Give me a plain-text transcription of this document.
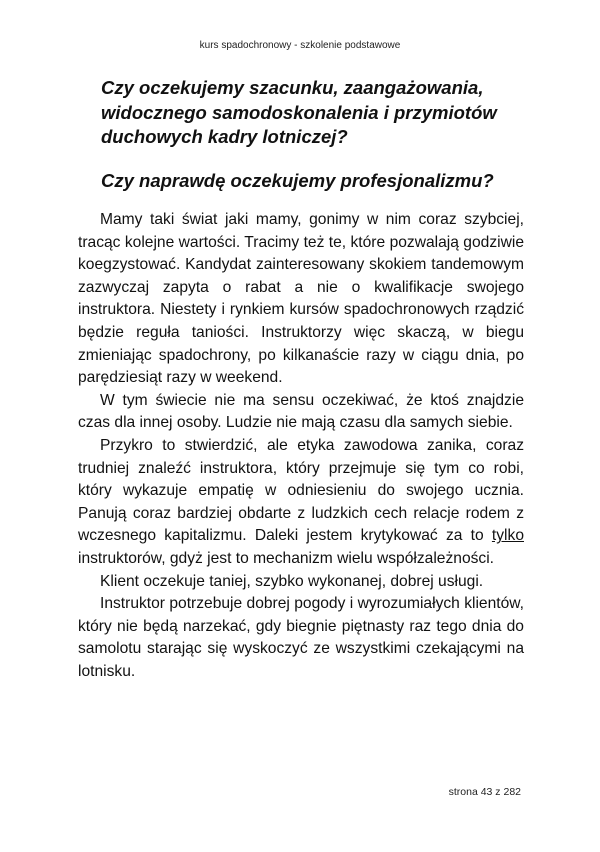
kurs spadochronowy - szkolenie podstawowe

Czy oczekujemy szacunku, zaangażowania, widocznego samodoskonalenia i przymiotów duchowych kadry lotniczej?

Czy naprawdę oczekujemy profesjonalizmu?

Mamy taki świat jaki mamy, gonimy w nim coraz szybciej, tracąc kolejne wartości. Tracimy też te, które pozwalają godziwie koegzystować. Kandydat zainteresowany skokiem tandemowym zazwyczaj zapyta o rabat a nie o kwalifikacje swojego instruktora. Niestety i rynkiem kursów spadochronowych rządzić będzie reguła taniości. Instruktorzy więc skaczą, w biegu zmieniając spadochrony, po kilkanaście razy w ciągu dnia, po parędziesiąt razy w weekend.

W tym świecie nie ma sensu oczekiwać, że ktoś znajdzie czas dla innej osoby. Ludzie nie mają czasu dla samych siebie.

Przykro to stwierdzić, ale etyka zawodowa zanika, coraz trudniej znaleźć instruktora, który przejmuje się tym co robi, który wykazuje empatię w odniesieniu do swojego ucznia. Panują coraz bardziej obdarte z ludzkich cech relacje rodem z wczesnego kapitalizmu. Daleki jestem krytykować za to tylko instruktorów, gdyż jest to mechanizm wielu współzależności.

Klient oczekuje taniej, szybko wykonanej, dobrej usługi.

Instruktor potrzebuje dobrej pogody i wyrozumiałych klientów, który nie będą narzekać, gdy biegnie piętnasty raz tego dnia do samolotu starając się wyskoczyć ze wszystkimi czekającymi na lotnisku.

strona 43 z 282
